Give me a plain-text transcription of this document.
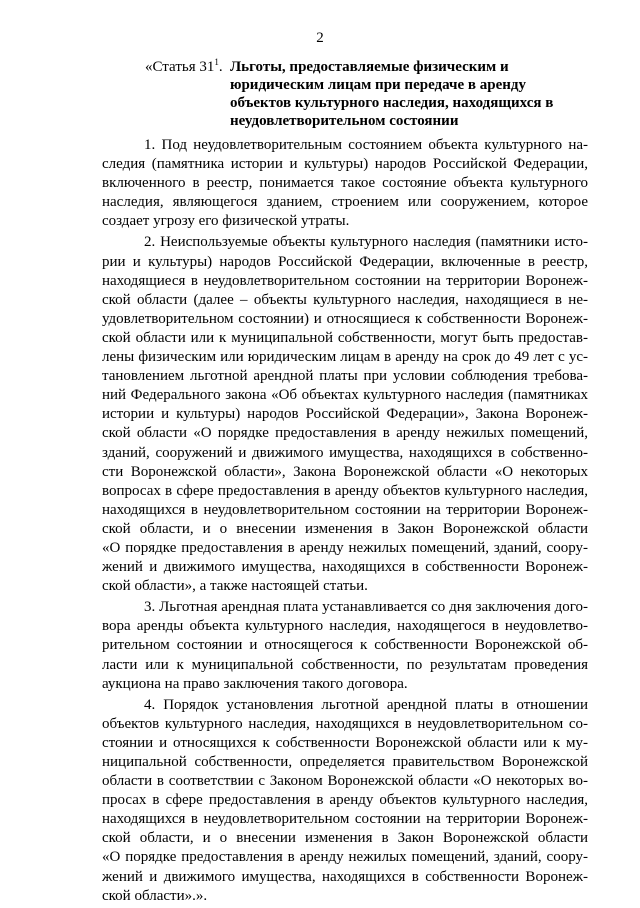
2
«Статья $31^1$. Льготы, предоставляемые физическим и юридическим лицам при передаче в аренду объектов культурного наследия, находящихся в неудовлетворительном состоянии
1. Под неудовлетворительным состоянием объекта культурного на-
следия (памятника истории и культуры) народов Российской Федерации,
включенного в реестр, понимается такое состояние объекта культурного
наследия, являющегося зданием, строением или сооружением, которое
создает угрозу его физической утраты.
2. Неиспользуемые объекты культурного наследия (памятники исто-
рии и культуры) народов Российской Федерации, включенные в реестр,
находящиеся в неудовлетворительном состоянии на территории Воронеж-
ской области (далее – объекты культурного наследия, находящиеся в не-
удовлетворительном состоянии) и относящиеся к собственности Воронеж-
ской области или к муниципальной собственности, могут быть предостав-
лены физическим или юридическим лицам в аренду на срок до 49 лет с ус-
тановлением льготной арендной платы при условии соблюдения требова-
ний Федерального закона «Об объектах культурного наследия (памятниках
истории и культуры) народов Российской Федерации», Закона Воронеж-
ской области «О порядке предоставления в аренду нежилых помещений,
зданий, сооружений и движимого имущества, находящихся в собственно-
сти Воронежской области», Закона Воронежской области «О некоторых
вопросах в сфере предоставления в аренду объектов культурного наследия,
находящихся в неудовлетворительном состоянии на территории Воронеж-
ской области, и о внесении изменения в Закон Воронежской области
«О порядке предоставления в аренду нежилых помещений, зданий, соору-
жений и движимого имущества, находящихся в собственности Воронеж-
ской области», а также настоящей статьи.
3. Льготная арендная плата устанавливается со дня заключения дого-
вора аренды объекта культурного наследия, находящегося в неудовлетво-
рительном состоянии и относящегося к собственности Воронежской об-
ласти или к муниципальной собственности, по результатам проведения
аукциона на право заключения такого договора.
4. Порядок установления льготной арендной платы в отношении
объектов культурного наследия, находящихся в неудовлетворительном со-
стоянии и относящихся к собственности Воронежской области или к му-
ниципальной собственности, определяется правительством Воронежской
области в соответствии с Законом Воронежской области «О некоторых во-
просах в сфере предоставления в аренду объектов культурного наследия,
находящихся в неудовлетворительном состоянии на территории Воронеж-
ской области, и о внесении изменения в Закон Воронежской области
«О порядке предоставления в аренду нежилых помещений, зданий, соору-
жений и движимого имущества, находящихся в собственности Воронеж-
ской области».».
